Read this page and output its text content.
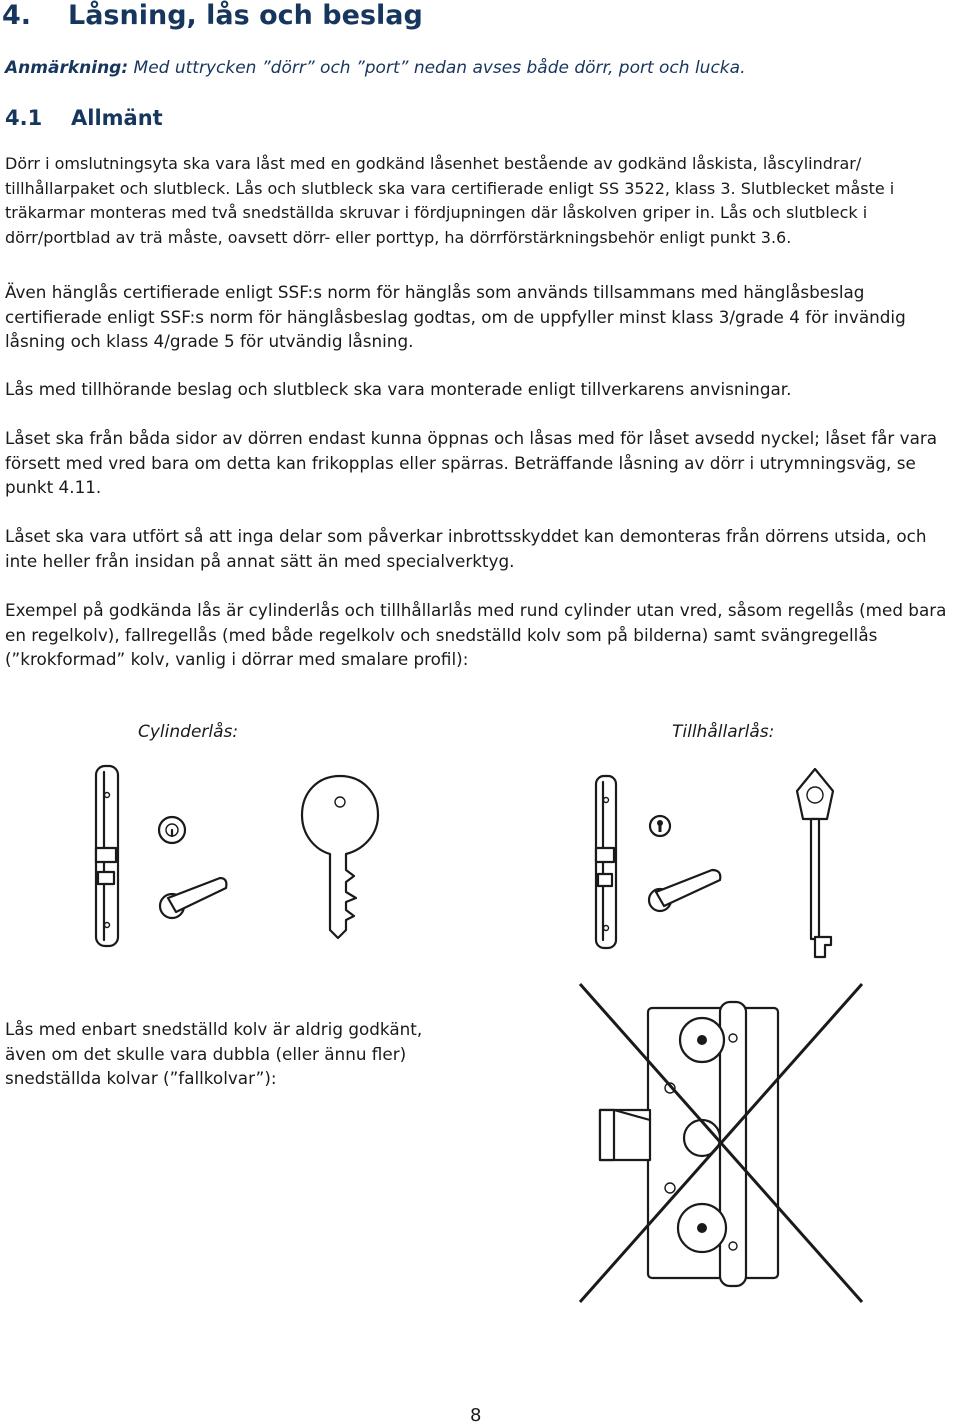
4. Låsning, lås och beslag
Anmärkning: Med uttrycken ”dörr” och ”port” nedan avses både dörr, port och lucka.
4.1 Allmänt

Dörr i omslutningsyta ska vara låst med en godkänd låsenhet bestående av godkänd låskista, låscylindrar/ tillhållarpaket och slutbleck. Lås och slutbleck ska vara certifierade enligt SS 3522, klass 3. Slutblecket måste i träkarmar monteras med två snedställda skruvar i fördjupningen där låskolven griper in. Lås och slutbleck i dörr/portblad av trä måste, oavsett dörr- eller porttyp, ha dörrförstärkningsbehör enligt punkt 3.6.

Även hänglås certifierade enligt SSF:s norm för hänglås som används tillsammans med hänglåsbeslag certifierade enligt SSF:s norm för hänglåsbeslag godtas, om de uppfyller minst klass 3/grade 4 för invändig låsning och klass 4/grade 5 för utvändig låsning.

Lås med tillhörande beslag och slutbleck ska vara monterade enligt tillverkarens anvisningar.

Låset ska från båda sidor av dörren endast kunna öppnas och låsas med för låset avsedd nyckel; låset får vara försett med vred bara om detta kan frikopplas eller spärras. Beträffande låsning av dörr i utrymningsväg, se punkt 4.11.

Låset ska vara utfört så att inga delar som påverkar inbrottsskyddet kan demonteras från dörrens utsida, och inte heller från insidan på annat sätt än med specialverktyg.

Exempel på godkända lås är cylinderlås och tillhållarlås med rund cylinder utan vred, såsom regellås (med bara en regelkolv), fallregellås (med både regelkolv och snedställd kolv som på bilderna) samt svängregellås (”krokformad” kolv, vanlig i dörrar med smalare profil):

Cylinderlås:	Tillhållarlås:

Lås med enbart snedställd kolv är aldrig godkänt, även om det skulle vara dubbla (eller ännu fler) snedställda kolvar (”fallkolvar”):

8
